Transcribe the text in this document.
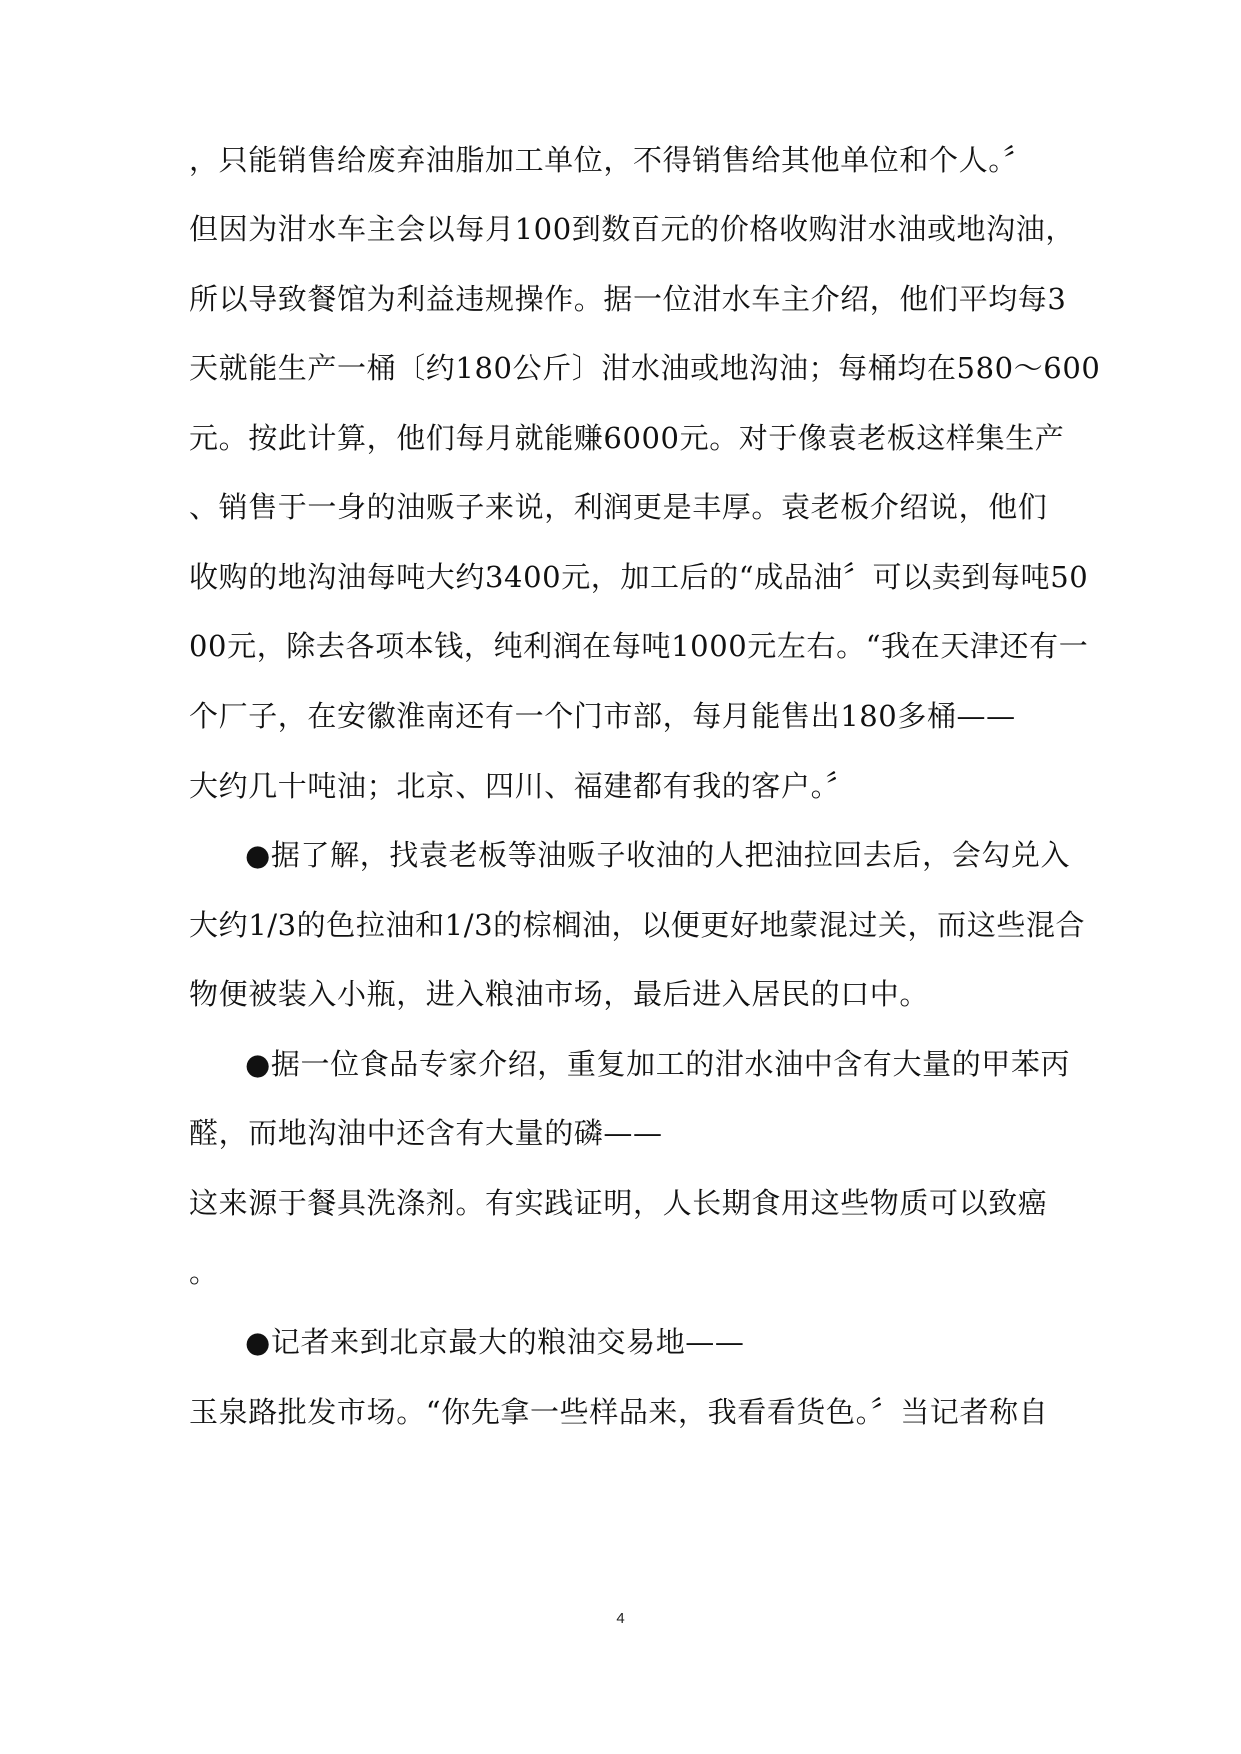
，只能销售给废弃油脂加工单位，不得销售给其他单位和个人。〞
但因为泔水车主会以每月100到数百元的价格收购泔水油或地沟油，
所以导致餐馆为利益违规操作。据一位泔水车主介绍，他们平均每3
天就能生产一桶〔约180公斤〕泔水油或地沟油；每桶均在580～600
元。按此计算，他们每月就能赚6000元。对于像袁老板这样集生产
、销售于一身的油贩子来说，利润更是丰厚。袁老板介绍说，他们
收购的地沟油每吨大约3400元，加工后的“成品油〞可以卖到每吨50
00元，除去各项本钱，纯利润在每吨1000元左右。“我在天津还有一
个厂子，在安徽淮南还有一个门市部，每月能售出180多桶——
大约几十吨油；北京、四川、福建都有我的客户。〞
●据了解，找袁老板等油贩子收油的人把油拉回去后，会勾兑入
大约1/3的色拉油和1/3的棕榈油，以便更好地蒙混过关，而这些混合
物便被装入小瓶，进入粮油市场，最后进入居民的口中。
●据一位食品专家介绍，重复加工的泔水油中含有大量的甲苯丙
醛，而地沟油中还含有大量的磷——
这来源于餐具洗涤剂。有实践证明，人长期食用这些物质可以致癌
。
●记者来到北京最大的粮油交易地——
玉泉路批发市场。“你先拿一些样品来，我看看货色。〞当记者称自
4
